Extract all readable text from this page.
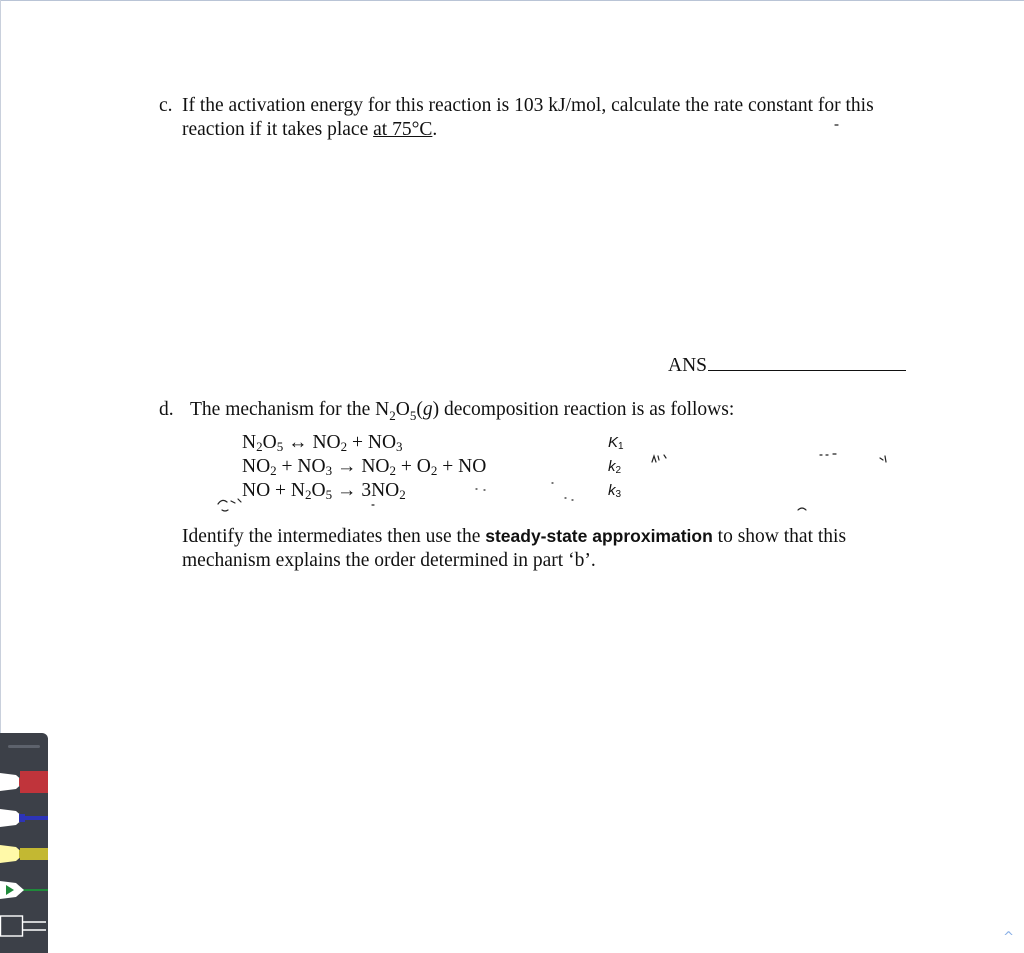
c. If the activation energy for this reaction is 103 kJ/mol, calculate the rate constant for this reaction if it takes place at 75°C.
ANS
d. The mechanism for the $N_2O_5(g)$ decomposition reaction is as follows:
$N_2O_5$ ↔ $NO_2 + NO_3$
$NO_2 + NO_3 \to NO_2 + O_2$ + NO
NO + $N_2O_5 \to 3NO_2$
$K_1$
$k_2$
$k_3$
Identify the intermediates then use the steady-state approximation to show that this mechanism explains the order determined in part ‘b’.
^
